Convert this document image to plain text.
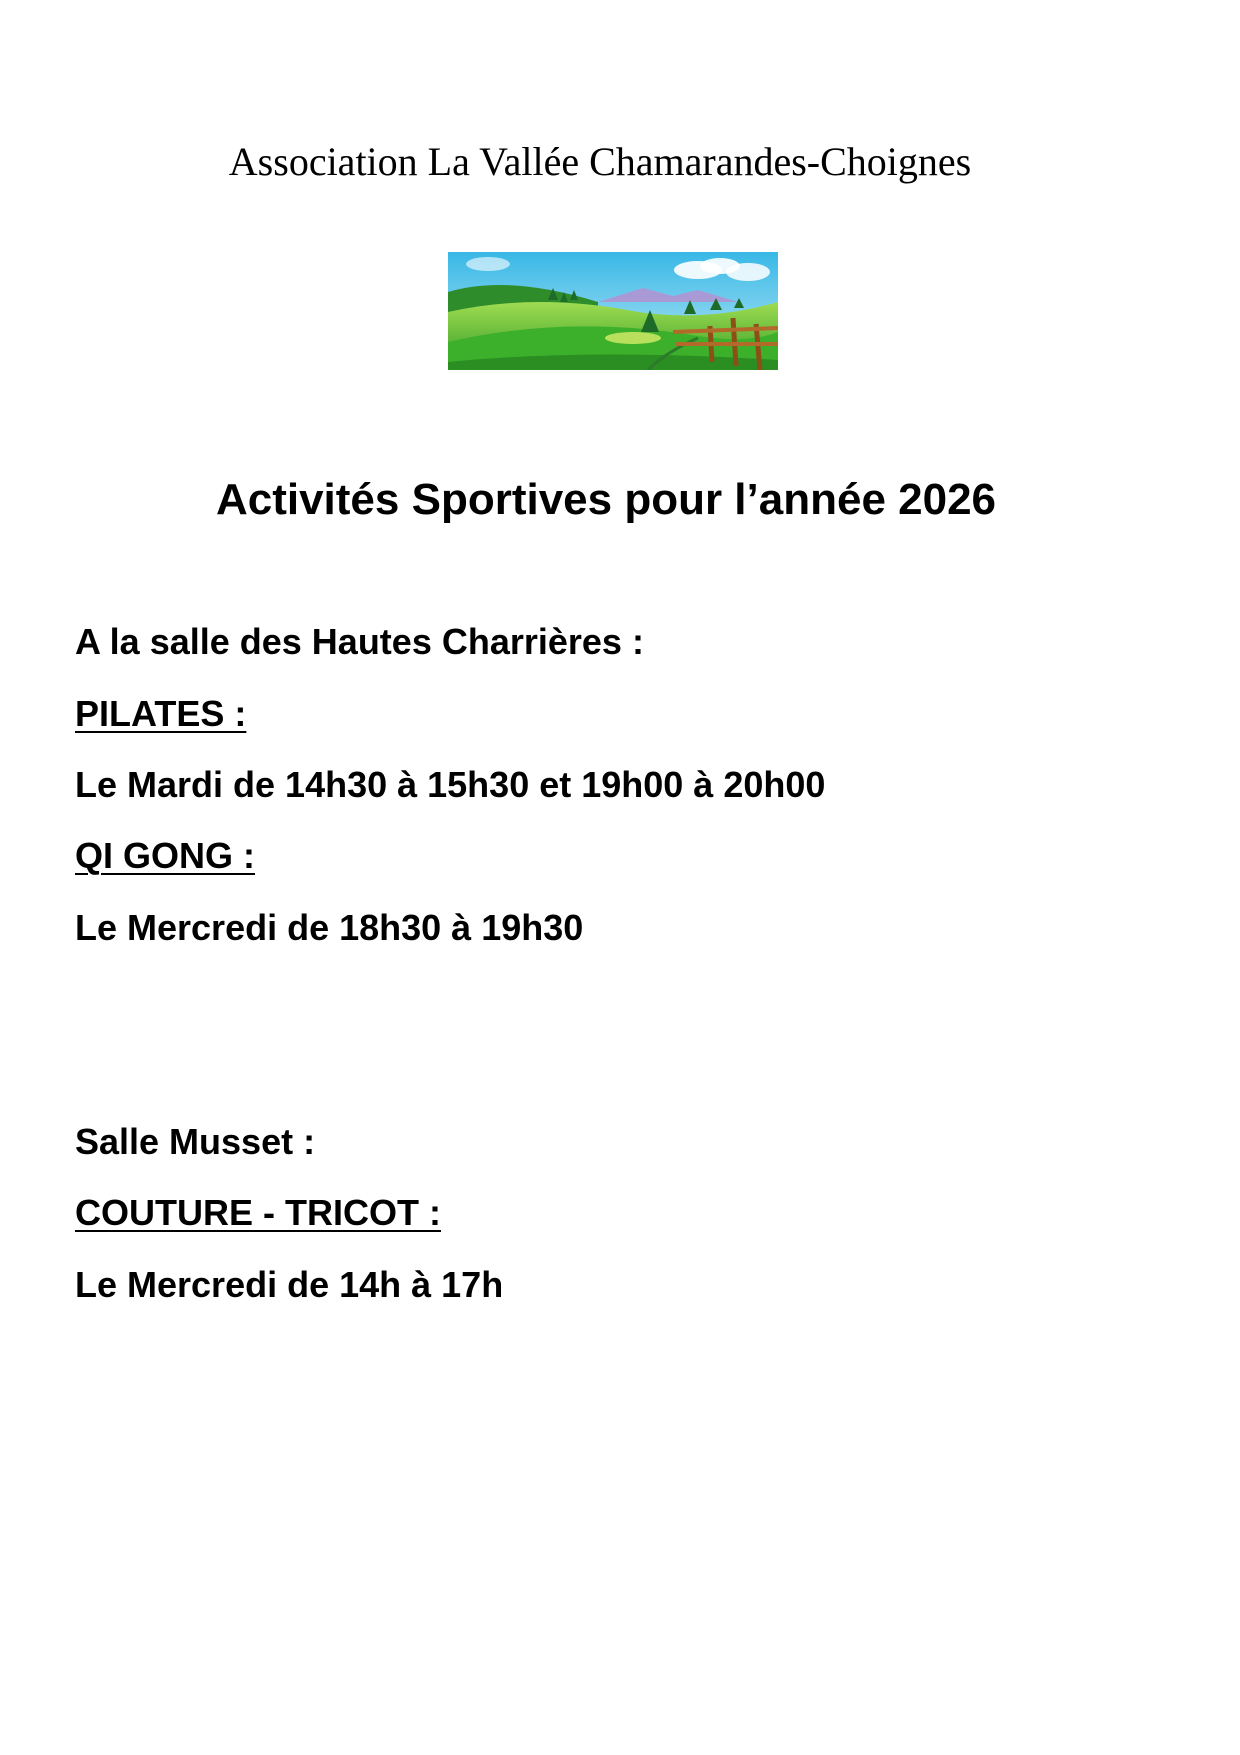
Association La Vallée Chamarandes-Choignes
Activités Sportives pour l’année 2026
A la salle des Hautes Charrières :
PILATES :
Le Mardi de 14h30 à 15h30 et 19h00 à 20h00
QI GONG :
Le Mercredi de 18h30 à 19h30
Salle Musset :
COUTURE - TRICOT :
Le Mercredi de 14h à 17h
